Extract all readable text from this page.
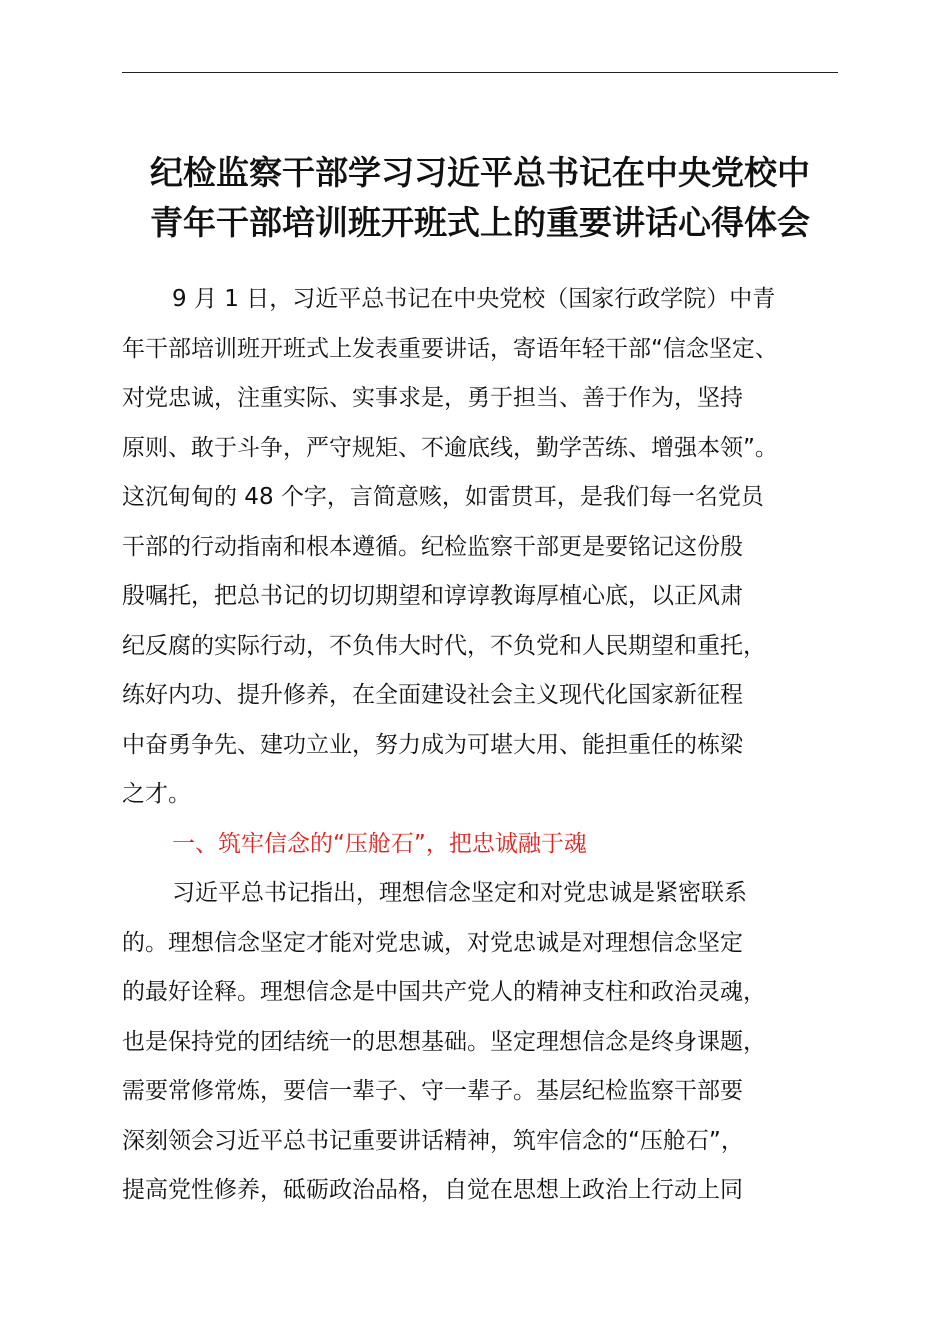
纪检监察干部学习习近平总书记在中央党校中
青年干部培训班开班式上的重要讲话心得体会
9 月 1 日，习近平总书记在中央党校（国家行政学院）中青
年干部培训班开班式上发表重要讲话，寄语年轻干部“信念坚定、
对党忠诚，注重实际、实事求是，勇于担当、善于作为，坚持
原则、敢于斗争，严守规矩、不逾底线，勤学苦练、增强本领”。
这沉甸甸的 48 个字，言简意赅，如雷贯耳，是我们每一名党员
干部的行动指南和根本遵循。纪检监察干部更是要铭记这份殷
殷嘱托，把总书记的切切期望和谆谆教诲厚植心底，以正风肃
纪反腐的实际行动，不负伟大时代，不负党和人民期望和重托，
练好内功、提升修养，在全面建设社会主义现代化国家新征程
中奋勇争先、建功立业，努力成为可堪大用、能担重任的栋梁
之才。
一、筑牢信念的“压舱石”，把忠诚融于魂
习近平总书记指出，理想信念坚定和对党忠诚是紧密联系
的。理想信念坚定才能对党忠诚，对党忠诚是对理想信念坚定
的最好诠释。理想信念是中国共产党人的精神支柱和政治灵魂，
也是保持党的团结统一的思想基础。坚定理想信念是终身课题，
需要常修常炼，要信一辈子、守一辈子。基层纪检监察干部要
深刻领会习近平总书记重要讲话精神，筑牢信念的“压舱石”，
提高党性修养，砥砺政治品格，自觉在思想上政治上行动上同
